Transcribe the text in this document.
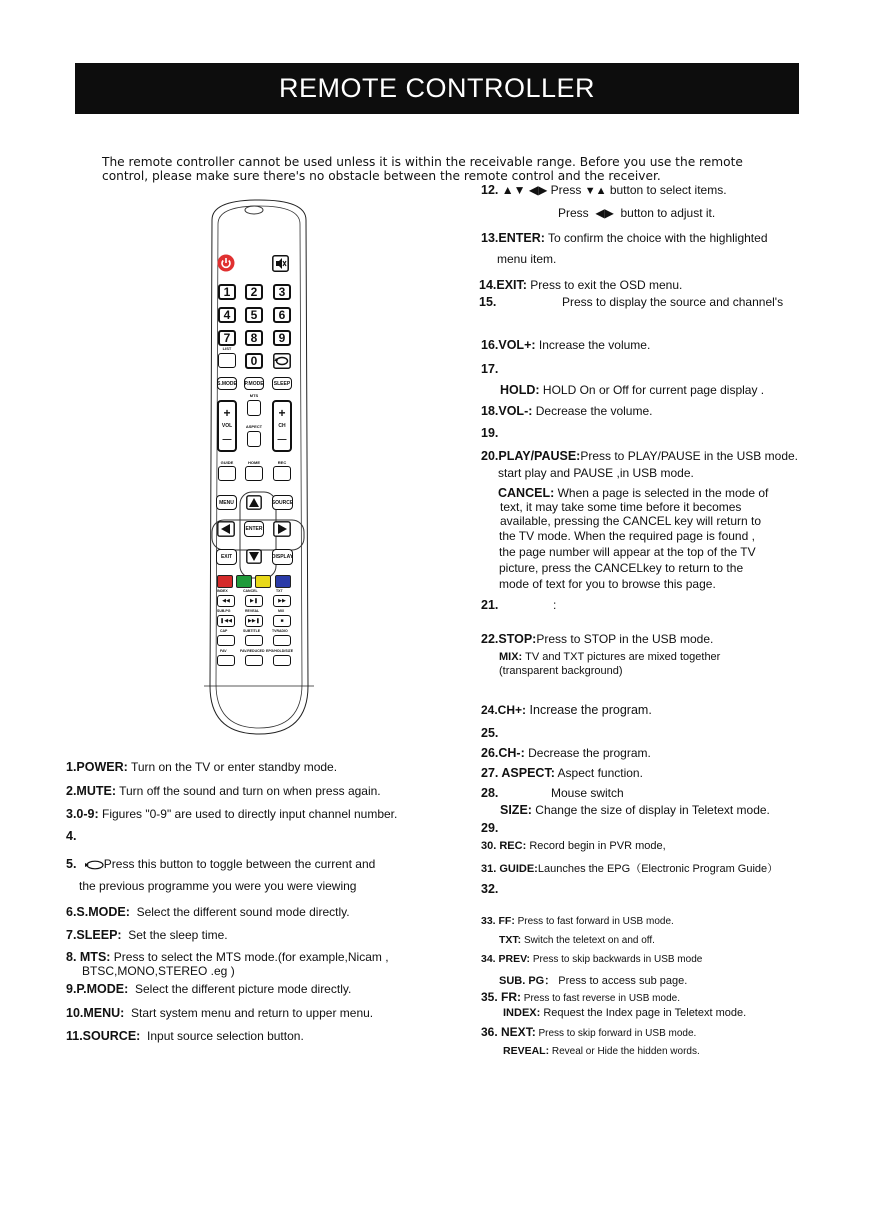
REMOTE CONTROLLER
The remote controller cannot be used unless it is within the receivable range. Before you use the remote
control, please make sure there's no obstacle between the remote control and the receiver.
1	2	3
4	5	6
7	8	9
LIST
0
S.MODE P.MODE	SLEEP
MTS
ASPECT
+
VOL
—
+
CH
—
GUIDE	HOME	REC
MENU	SOURCE
ENTER
EXIT	DISPLAY
INDEX	CANCEL	TXT
◀◀	▶❚	▶▶
SUB.PG	REVEAL	MIX
❚◀◀	▶▶❚	■
CAP	SUBTITLE	TVRADIO
FAV	FAV.REDUCED EPG/HOLD/SIZE
12. ▲▼ ◀▶ Press ▼▲ button to select items.
Press  ◀▶  button to adjust it.
13.ENTER: To confirm the choice with the highlighted
menu item.
14.EXIT: Press to exit the OSD menu.
15.	Press to display the source and channel's
16.VOL+: Increase the volume.
17.
HOLD: HOLD On or Off for current page display .
18.VOL-: Decrease the volume.
19.
20.PLAY/PAUSE:Press to PLAY/PAUSE in the USB mode.
start play and PAUSE ,in USB mode.
CANCEL: When a page is selected in the mode of
text, it may take some time before it becomes
available, pressing the CANCEL key will return to
the TV mode. When the required page is found ,
the page number will appear at the top of the TV
picture, press the CANCELkey to return to the
mode of text for you to browse this page.
21.	:
22.STOP:Press to STOP in the USB mode.
MIX: TV and TXT pictures are mixed together
(transparent background)
24.CH+: Increase the program.
25.
26.CH-: Decrease the program.
27. ASPECT: Aspect function.
28.	Mouse switch
SIZE: Change the size of display in Teletext mode.
29.
30. REC: Record begin in PVR mode,
31. GUIDE:Launches the EPG（Electronic Program Guide）
32.
33. FF: Press to fast forward in USB mode.
TXT: Switch the teletext on and off.
34. PREV: Press to skip backwards in USB mode
SUB. PG： Press to access sub page.
35. FR: Press to fast reverse in USB mode.
INDEX: Request the Index page in Teletext mode.
36. NEXT: Press to skip forward in USB mode.
REVEAL: Reveal or Hide the hidden words.
1.POWER: Turn on the TV or enter standby mode.
2.MUTE: Turn off the sound and turn on when press again.
3.0-9: Figures "0-9" are used to directly input channel number.
4.
5. Press this button to toggle between the current and
the previous programme you were you were viewing
6.S.MODE: Select the different sound mode directly.
7.SLEEP: Set the sleep time.
8. MTS: Press to select the MTS mode.(for example,Nicam ,
BTSC,MONO,STEREO .eg )
9.P.MODE: Select the different picture mode directly.
10.MENU: Start system menu and return to upper menu.
11.SOURCE: Input source selection button.
